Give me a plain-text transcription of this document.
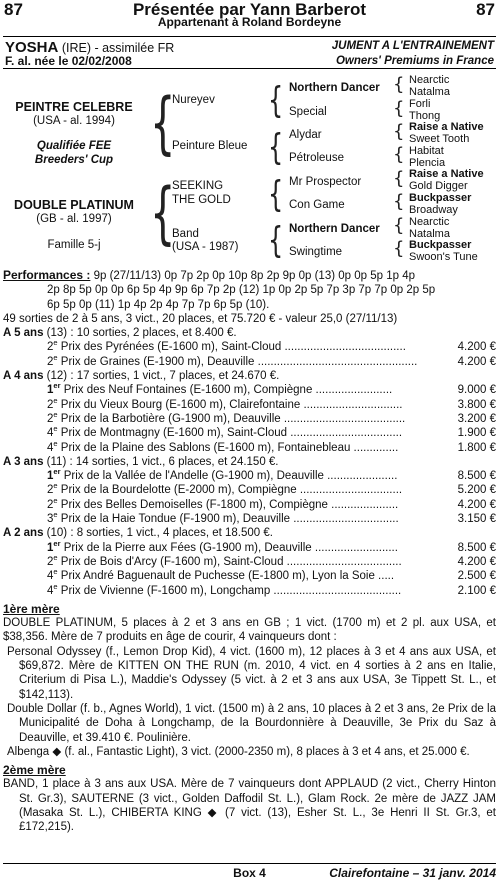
87	Présentée par Yann Barberot	87
Appartenant à Roland Bordeyne
YOSHA (IRE) - assimilée FR
F. al. née le 02/02/2008
JUMENT A L'ENTRAINEMENT
Owners' Premiums in France
PEINTRE CELEBRE
(USA - al. 1994)
Qualifiée FEE
Breeders' Cup
DOUBLE PLATINUM
(GB - al. 1997)
Famille 5-j
{
{
Nureyev
Peinture Bleue
SEEKING
THE GOLD
Band
(USA - 1987)
{
{
{
{
Northern Dancer
Special
Alydar
Pétroleuse
Mr Prospector
Con Game
Northern Dancer
Swingtime
{
{
{
{
{
{
{
{
Nearctic
Natalma
Forli
Thong
Raise a Native
Sweet Tooth
Habitat
Plencia
Raise a Native
Gold Digger
Buckpasser
Broadway
Nearctic
Natalma
Buckpasser
Swoon's Tune
Performances : 9p (27/11/13) 0p 7p 2p 0p 10p 8p 2p 9p 0p (13) 0p 0p 5p 1p 4p
2p 8p 5p 0p 0p 6p 5p 4p 9p 6p 7p 2p (12) 1p 0p 2p 5p 7p 3p 7p 7p 0p 2p 5p
6p 5p 0p (11) 1p 4p 2p 4p 7p 7p 6p 5p (10).
49 sorties de 2 à 5 ans, 3 vict., 20 places, et 75.720 € - valeur 25,0 (27/11/13)
A 5 ans (13) : 10 sorties, 2 places, et 8.400 €.
2e Prix des Pyrénées (E-1600 m), Saint-Cloud ......................................	4.200 €
2e Prix de Graines (E-1900 m), Deauville ..................................................	4.200 €
A 4 ans (12) : 17 sorties, 1 vict., 7 places, et 24.670 €.
1er Prix des Neuf Fontaines (E-1600 m), Compiègne ........................	9.000 €
2e Prix du Vieux Bourg (E-1600 m), Clairefontaine ...............................	3.800 €
2e Prix de la Barbotière (G-1900 m), Deauville ......................................	3.200 €
4e Prix de Montmagny (E-1600 m), Saint-Cloud ...................................	1.900 €
4e Prix de la Plaine des Sablons (E-1600 m), Fontainebleau ..............	1.800 €
A 3 ans (11) : 14 sorties, 1 vict., 6 places, et 24.150 €.
1er Prix de la Vallée de l'Andelle (G-1900 m), Deauville ......................	8.500 €
2e Prix de la Bourdelotte (E-2000 m), Compiègne ................................	5.200 €
2e Prix des Belles Demoiselles (F-1800 m), Compiègne .....................	4.200 €
3e Prix de la Haie Tondue (F-1900 m), Deauville .................................	3.150 €
A 2 ans (10) : 8 sorties, 1 vict., 4 places, et 18.500 €.
1er Prix de la Pierre aux Fées (G-1900 m), Deauville ..........................	8.500 €
2e Prix de Bois d'Arcy (F-1600 m), Saint-Cloud ....................................	4.200 €
4e Prix André Baguenault de Puchesse (E-1800 m), Lyon la Soie .....	2.500 €
4e Prix de Vivienne (F-1600 m), Longchamp ........................................	2.100 €
1ère mère
DOUBLE PLATINUM, 5 places à 2 et 3 ans en GB ; 1 vict. (1700 m) et 2 pl. aux USA, et $38,356. Mère de 7 produits en âge de courir, 4 vainqueurs dont :
Personal Odyssey (f., Lemon Drop Kid), 4 vict. (1600 m), 12 places à 3 et 4 ans aux USA, et $69,872. Mère de KITTEN ON THE RUN (m. 2010, 4 vict. en 4 sorties à 2 ans en Italie, Criterium di Pisa L.), Maddie's Odyssey (5 vict. à 2 et 3 ans aux USA, 3e Tippett St. L., et $142,113).
Double Dollar (f. b., Agnes World), 1 vict. (1500 m) à 2 ans, 10 places à 2 et 3 ans, 2e Prix de la Municipalité de Doha à Longchamp, de la Bourdonnière à Deauville, 3e Prix du Saz à Deauville, et 39.410 €. Poulinière.
Albenga ◆ (f. al., Fantastic Light), 3 vict. (2000-2350 m), 8 places à 3 et 4 ans, et 25.000 €.
2ème mère
BAND, 1 place à 3 ans aux USA. Mère de 7 vainqueurs dont APPLAUD (2 vict., Cherry Hinton St. Gr.3), SAUTERNE (3 vict., Golden Daffodil St. L.), Glam Rock. 2e mère de JAZZ JAM (Masaka St. L.), CHIBERTA KING ◆ (7 vict. (13), Esher St. L., 3e Henri II St. Gr.3, et £172,215).
Box 4	Clairefontaine – 31 janv. 2014
